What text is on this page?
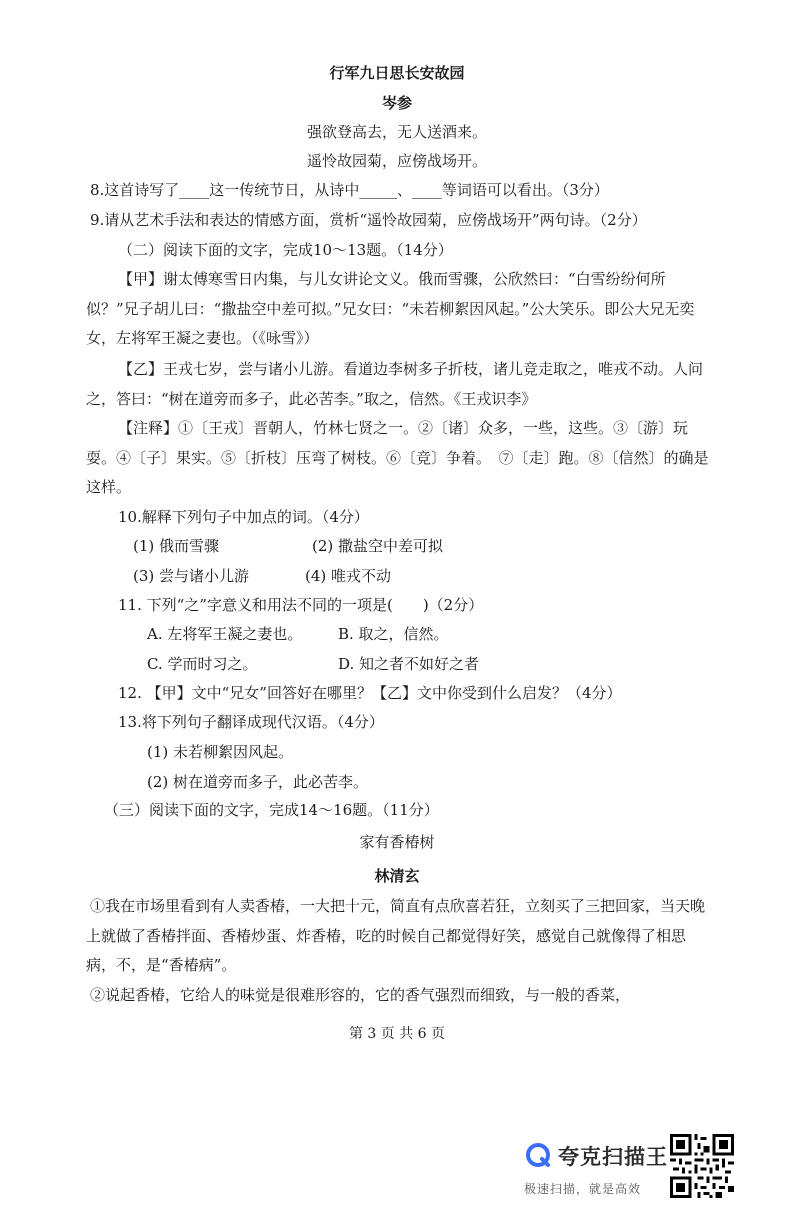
行军九日思长安故园
岑参
强欲登高去，无人送酒来。
遥怜故园菊，应傍战场开。
8.这首诗写了____这一传统节日，从诗中_____、____等词语可以看出。（3分）
9.请从艺术手法和表达的情感方面，赏析“遥怜故园菊，应傍战场开”两句诗。（2分）
（二）阅读下面的文字，完成10～13题。（14分）
【甲】谢太傅寒雪日内集，与儿女讲论文义。俄而雪骤，公欣然曰：“白雪纷纷何所似？”兄子胡儿曰：“撒盐空中差可拟。”兄女曰：“未若柳絮因风起。”公大笑乐。即公大兄无奕女，左将军王凝之妻也。（《咏雪》）
【乙】王戎七岁，尝与诸小儿游。看道边李树多子折枝，诸儿竞走取之，唯戎不动。人问之，答曰：“树在道旁而多子，此必苦李。”取之，信然。《王戎识李》
【注释】①〔王戎〕晋朝人，竹林七贤之一。②〔诸〕众多，一些，这些。③〔游〕玩耍。④〔子〕果实。⑤〔折枝〕压弯了树枝。⑥〔竞〕争着。　⑦〔走〕跑。⑧〔信然〕的确是这样。
10.解释下列句子中加点的词。（4分）
(1) 俄而雪骤	(2) 撒盐空中差可拟
(3) 尝与诸小儿游	(4) 唯戎不动
11. 下列“之”字意义和用法不同的一项是(　　)（2分）
A. 左将军王凝之妻也。 B. 取之，信然。
C. 学而时习之。	D. 知之者不如好之者
12. 【甲】文中“兄女”回答好在哪里？【乙】文中你受到什么启发？（4分）
13.将下列句子翻译成现代汉语。（4分）
(1) 未若柳絮因风起。
(2) 树在道旁而多子，此必苦李。
（三）阅读下面的文字，完成14～16题。（11分）
家有香椿树
林清玄
①我在市场里看到有人卖香椿，一大把十元，简直有点欣喜若狂，立刻买了三把回家，当天晚上就做了香椿拌面、香椿炒蛋、炸香椿，吃的时候自己都觉得好笑，感觉自己就像得了相思病，不，是“香椿病”。
②说起香椿，它给人的味觉是很难形容的，它的香气强烈而细致，与一般的香菜，
第 3 页 共 6 页
夸克扫描王
极速扫描，就是高效
